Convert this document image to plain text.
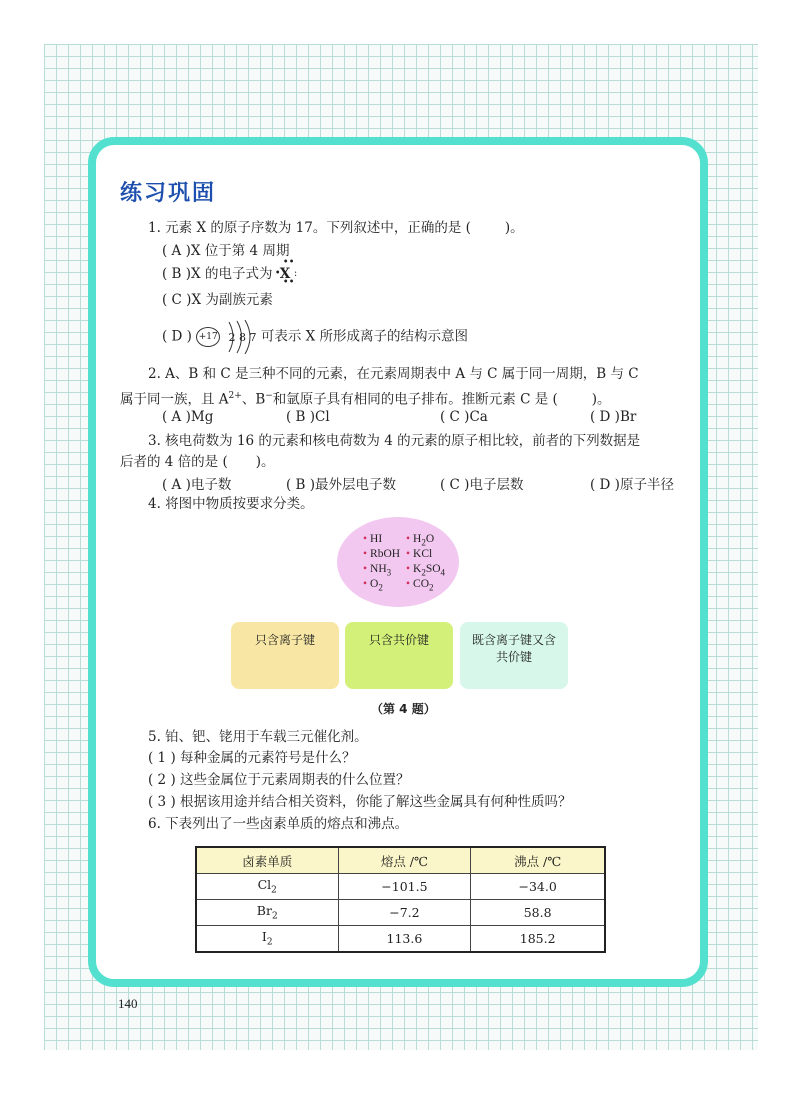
练习巩固
1. 元素 X 的原子序数为 17。下列叙述中，正确的是 (	)。
( A )X 位于第 4 周期
( B )X 的电子式为 •
••
••
:
X
( C )X 为副族元素
( D ) +17 2 8 7 可表示 X 所形成离子的结构示意图
2. A、B 和 C 是三种不同的元素，在元素周期表中 A 与 C 属于同一周期，B 与 C
属于同一族，且 $A^{2+}$、B−和氩原子具有相同的电子排布。推断元素 C 是 (	)。
( A )Mg	( B )Cl	( C )Ca	( D )Br
3. 核电荷数为 16 的元素和核电荷数为 4 的元素的原子相比较，前者的下列数据是
后者的 4 倍的是 ( )。
( A )电子数	( B )最外层电子数	( C )电子层数	( D )原子半径
4. 将图中物质按要求分类。
• HI
• RbOH
• $NH_3$
• $O_2$
• $H_2O$
• KCl
• $K_2SO_4$
• $CO_2$
只含离子键	只含共价键	既含离子键又含
共价键
（第 4 题）
5. 铂、钯、铑用于车载三元催化剂。
( 1 ) 每种金属的元素符号是什么？
( 2 ) 这些金属位于元素周期表的什么位置？
( 3 ) 根据该用途并结合相关资料，你能了解这些金属具有何种性质吗？
6. 下表列出了一些卤素单质的熔点和沸点。
卤素单质	熔点 /℃	沸点 /℃
$Cl_2$	−101.5	−34.0
$Br_2$	−7.2	58.8
$I_2$	113.6	185.2
140
